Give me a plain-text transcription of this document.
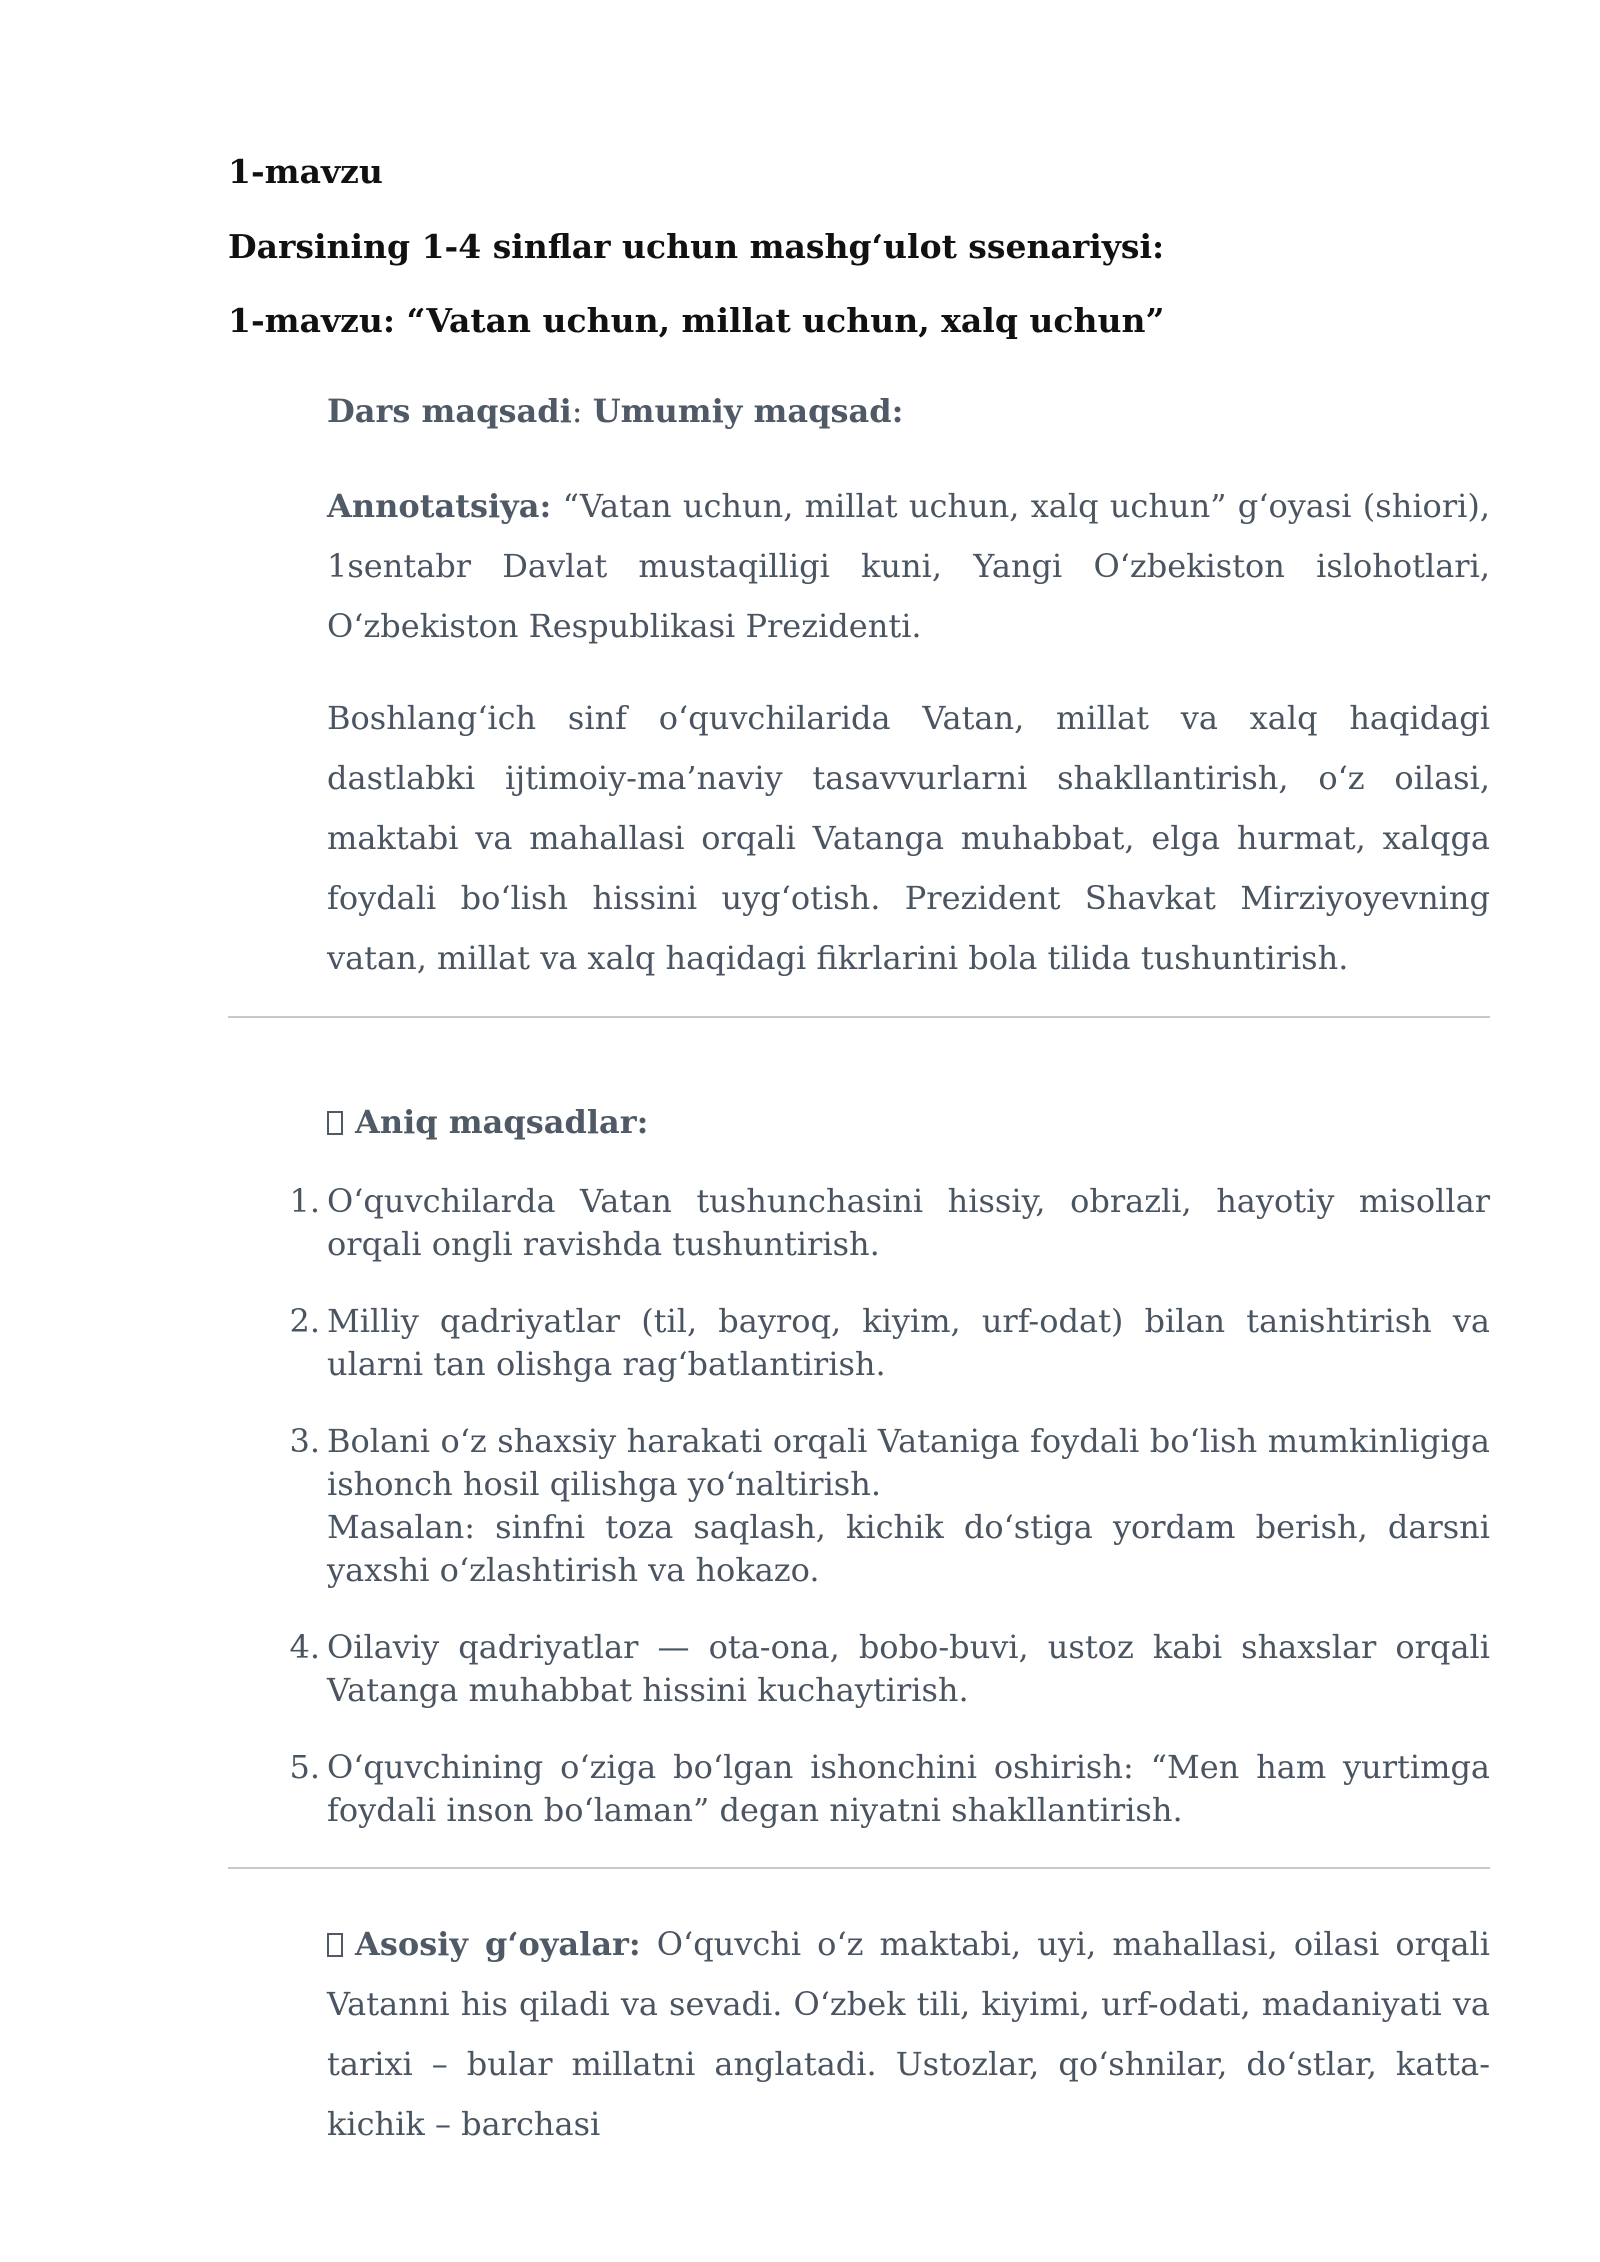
1-mavzu
Darsining 1-4 sinflar uchun mashg‘ulot ssenariysi:
1-mavzu: “Vatan uchun, millat uchun, xalq uchun”
Dars maqsadi: Umumiy maqsad:
Annotatsiya: “Vatan uchun, millat uchun, xalq uchun” g‘oyasi (shiori), 1sentabr Davlat mustaqilligi kuni, Yangi O‘zbekiston islohotlari, O‘zbekiston Respublikasi Prezidenti.
Boshlang‘ich sinf o‘quvchilarida Vatan, millat va xalq haqidagi dastlabki ijtimoiy-ma’naviy tasavvurlarni shakllantirish, o‘z oilasi, maktabi va mahallasi orqali Vatanga muhabbat, elga hurmat, xalqga foydali bo‘lish hissini uyg‘otish. Prezident Shavkat Mirziyoyevning vatan, millat va xalq haqidagi fikrlarini bola tilida tushuntirish.
Aniq maqsadlar:
1. O‘quvchilarda Vatan tushunchasini hissiy, obrazli, hayotiy misollar orqali ongli ravishda tushuntirish.
2. Milliy qadriyatlar (til, bayroq, kiyim, urf-odat) bilan tanishtirish va ularni tan olishga rag‘batlantirish.
3. Bolani o‘z shaxsiy harakati orqali Vataniga foydali bo‘lish mumkinligiga ishonch hosil qilishga yo‘naltirish.
Masalan: sinfni toza saqlash, kichik do‘stiga yordam berish, darsni yaxshi o‘zlashtirish va hokazo.
4. Oilaviy qadriyatlar — ota-ona, bobo-buvi, ustoz kabi shaxslar orqali Vatanga muhabbat hissini kuchaytirish.
5. O‘quvchining o‘ziga bo‘lgan ishonchini oshirish: “Men ham yurtimga foydali inson bo‘laman” degan niyatni shakllantirish.
Asosiy g‘oyalar: O‘quvchi o‘z maktabi, uyi, mahallasi, oilasi orqali Vatanni his qiladi va sevadi. O‘zbek tili, kiyimi, urf-odati, madaniyati va tarixi – bular millatni anglatadi. Ustozlar, qo‘shnilar, do‘stlar, katta-kichik – barchasi
